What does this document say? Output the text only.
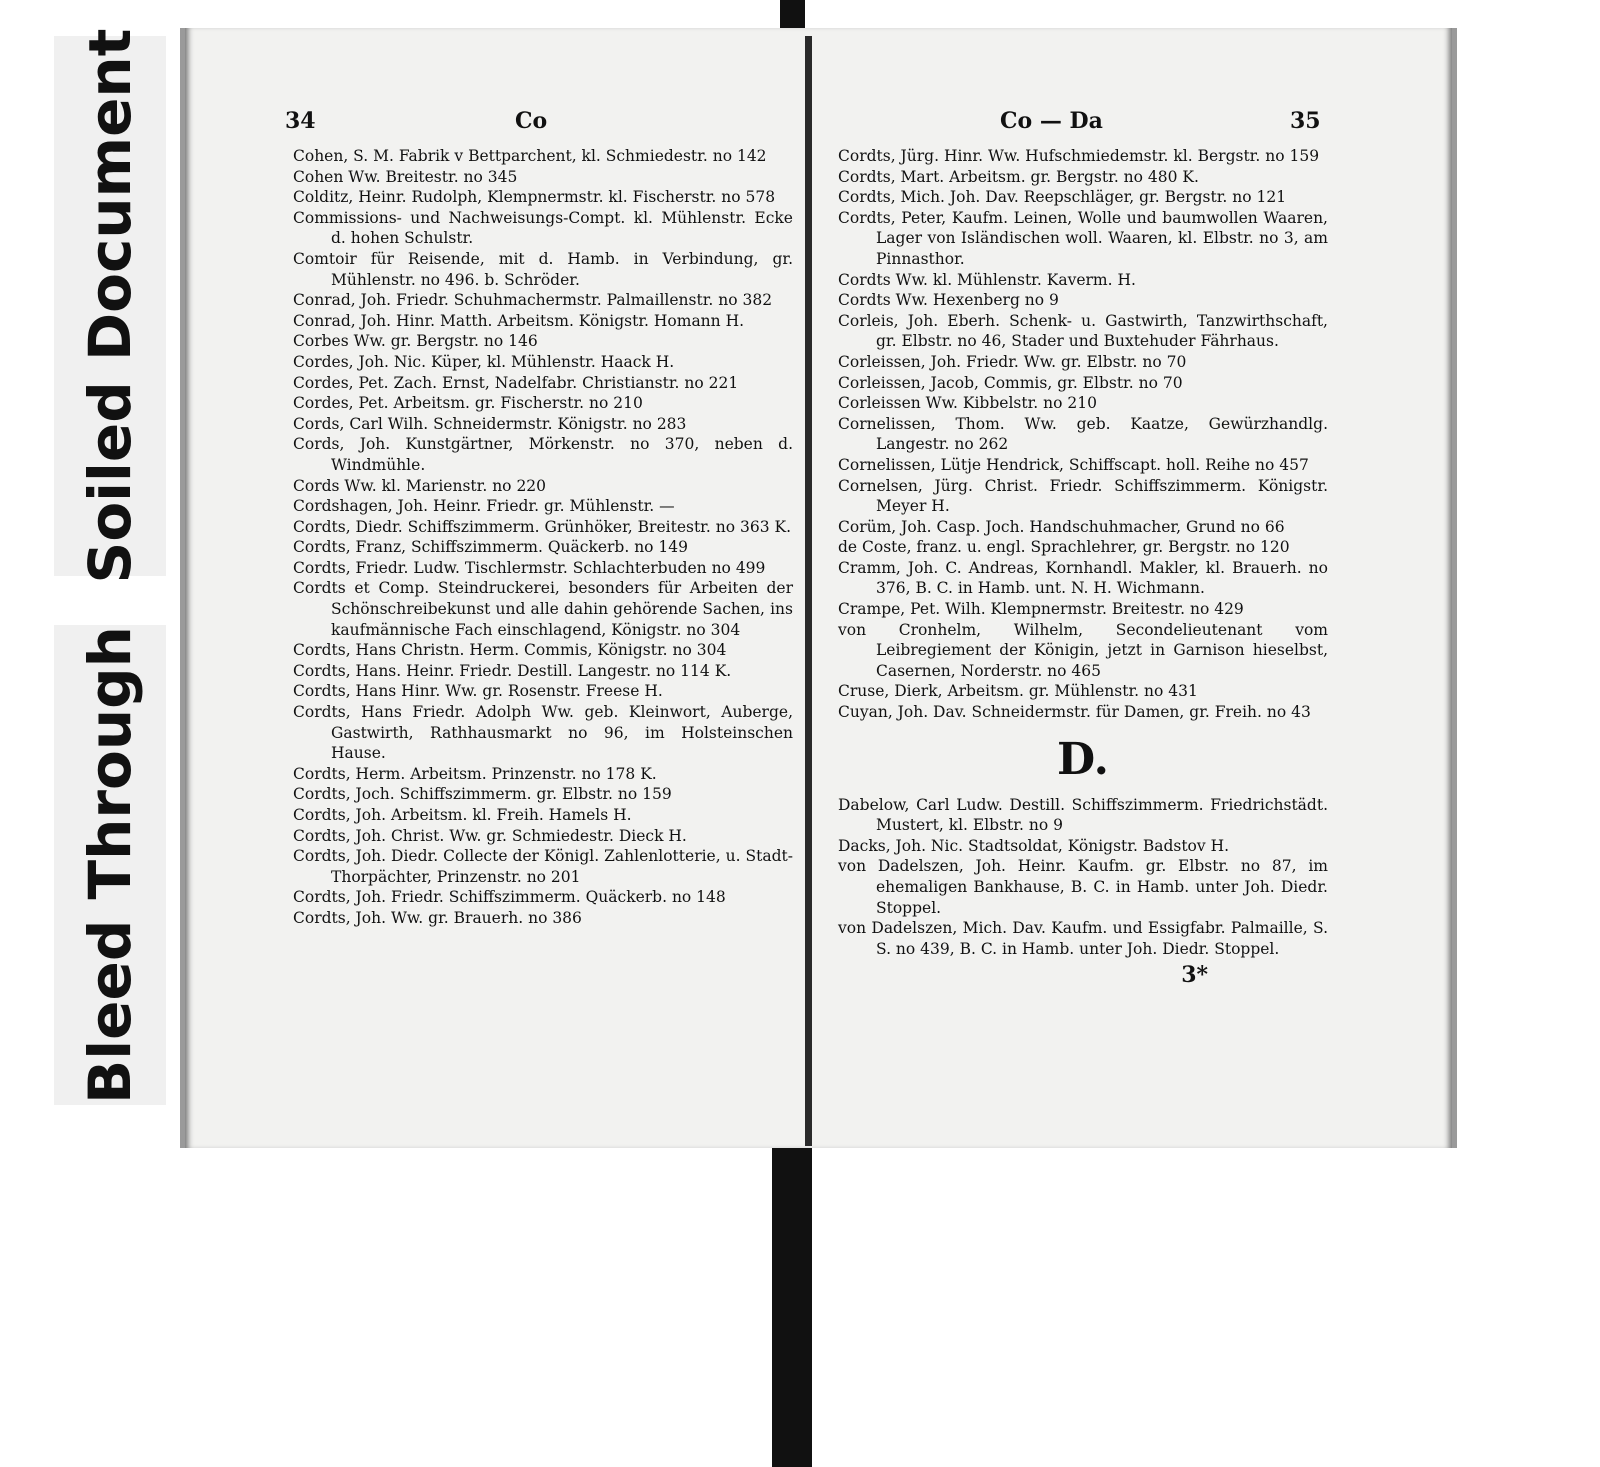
Soiled Document
Bleed Through
34	Co

Cohen, S. M. Fabrik v Bettparchent, kl. Schmiedestr. no 142

Cohen Ww. Breitestr. no 345

Colditz, Heinr. Rudolph, Klempnermstr. kl. Fischerstr. no 578

Commissions- und Nachweisungs-Compt. kl. Mühlenstr. Ecke d. hohen Schulstr.

Comtoir für Reisende, mit d. Hamb. in Verbindung, gr. Mühlenstr. no 496. b. Schröder.

Conrad, Joh. Friedr. Schuhmachermstr. Palmaillenstr. no 382

Conrad, Joh. Hinr. Matth. Arbeitsm. Königstr. Homann H.

Corbes Ww. gr. Bergstr. no 146

Cordes, Joh. Nic. Küper, kl. Mühlenstr. Haack H.

Cordes, Pet. Zach. Ernst, Nadelfabr. Christianstr. no 221

Cordes, Pet. Arbeitsm. gr. Fischerstr. no 210

Cords, Carl Wilh. Schneidermstr. Königstr. no 283

Cords, Joh. Kunstgärtner, Mörkenstr. no 370, neben d. Windmühle.

Cords Ww. kl. Marienstr. no 220

Cordshagen, Joh. Heinr. Friedr. gr. Mühlenstr. —

Cordts, Diedr. Schiffszimmerm. Grünhöker, Breitestr. no 363 K.

Cordts, Franz, Schiffszimmerm. Quäckerb. no 149

Cordts, Friedr. Ludw. Tischlermstr. Schlachterbuden no 499

Cordts et Comp. Steindruckerei, besonders für Arbeiten der Schönschreibekunst und alle dahin gehörende Sachen, ins kaufmännische Fach einschlagend, Königstr. no 304

Cordts, Hans Christn. Herm. Commis, Königstr. no 304

Cordts, Hans. Heinr. Friedr. Destill. Langestr. no 114 K.

Cordts, Hans Hinr. Ww. gr. Rosenstr. Freese H.

Cordts, Hans Friedr. Adolph Ww. geb. Kleinwort, Auberge, Gastwirth, Rathhausmarkt no 96, im Holsteinschen Hause.

Cordts, Herm. Arbeitsm. Prinzenstr. no 178 K.

Cordts, Joch. Schiffszimmerm. gr. Elbstr. no 159

Cordts, Joh. Arbeitsm. kl. Freih. Hamels H.

Cordts, Joh. Christ. Ww. gr. Schmiedestr. Dieck H.

Cordts, Joh. Diedr. Collecte der Königl. Zahlenlotterie, u. Stadt-Thorpächter, Prinzenstr. no 201

Cordts, Joh. Friedr. Schiffszimmerm. Quäckerb. no 148

Cordts, Joh. Ww. gr. Brauerh. no 386

Co — Da	35

Cordts, Jürg. Hinr. Ww. Hufschmiedemstr. kl. Bergstr. no 159

Cordts, Mart. Arbeitsm. gr. Bergstr. no 480 K.

Cordts, Mich. Joh. Dav. Reepschläger, gr. Bergstr. no 121

Cordts, Peter, Kaufm. Leinen, Wolle und baumwollen Waaren, Lager von Isländischen woll. Waaren, kl. Elbstr. no 3, am Pinnasthor.

Cordts Ww. kl. Mühlenstr. Kaverm. H.

Cordts Ww. Hexenberg no 9

Corleis, Joh. Eberh. Schenk- u. Gastwirth, Tanzwirthschaft, gr. Elbstr. no 46, Stader und Buxtehuder Fährhaus.

Corleissen, Joh. Friedr. Ww. gr. Elbstr. no 70

Corleissen, Jacob, Commis, gr. Elbstr. no 70

Corleissen Ww. Kibbelstr. no 210

Cornelissen, Thom. Ww. geb. Kaatze, Gewürzhandlg. Langestr. no 262

Cornelissen, Lütje Hendrick, Schiffscapt. holl. Reihe no 457

Cornelsen, Jürg. Christ. Friedr. Schiffszimmerm. Königstr. Meyer H.

Corüm, Joh. Casp. Joch. Handschuhmacher, Grund no 66

de Coste, franz. u. engl. Sprachlehrer, gr. Bergstr. no 120

Cramm, Joh. C. Andreas, Kornhandl. Makler, kl. Brauerh. no 376, B. C. in Hamb. unt. N. H. Wichmann.

Crampe, Pet. Wilh. Klempnermstr. Breitestr. no 429

von Cronhelm, Wilhelm, Secondelieutenant vom Leibregiement der Königin, jetzt in Garnison hieselbst, Casernen, Norderstr. no 465

Cruse, Dierk, Arbeitsm. gr. Mühlenstr. no 431

Cuyan, Joh. Dav. Schneidermstr. für Damen, gr. Freih. no 43

D.

Dabelow, Carl Ludw. Destill. Schiffszimmerm. Friedrichstädt. Mustert, kl. Elbstr. no 9

Dacks, Joh. Nic. Stadtsoldat, Königstr. Badstov H.

von Dadelszen, Joh. Heinr. Kaufm. gr. Elbstr. no 87, im ehemaligen Bankhause, B. C. in Hamb. unter Joh. Diedr. Stoppel.

von Dadelszen, Mich. Dav. Kaufm. und Essigfabr. Palmaille, S. S. no 439, B. C. in Hamb. unter Joh. Diedr. Stoppel.

3*
